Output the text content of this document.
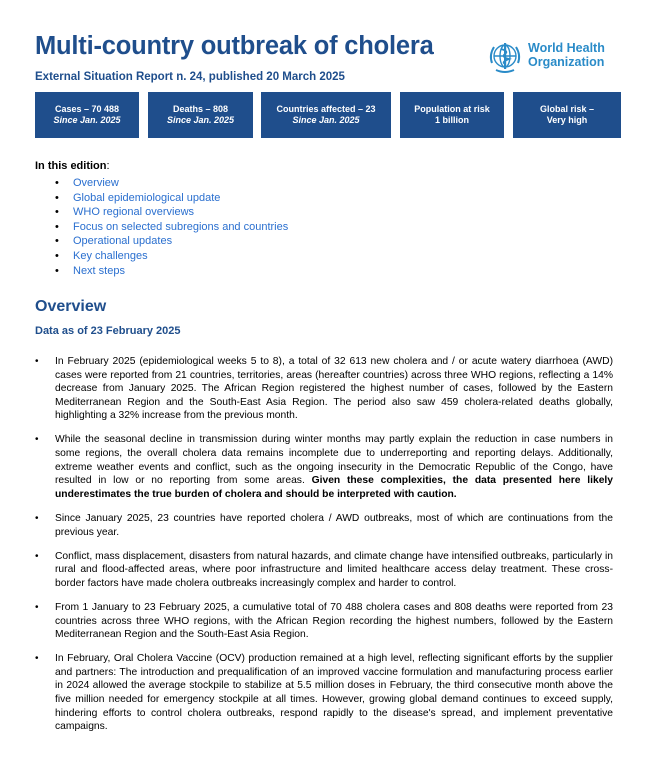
Multi-country outbreak of cholera
External Situation Report n. 24, published 20 March 2025
World Health
Organization
Cases – 70 488
Since Jan. 2025
Deaths – 808
Since Jan. 2025
Countries affected – 23
Since Jan. 2025
Population at risk
1 billion
Global risk –
Very high
In this edition:
• Overview
• Global epidemiological update
• WHO regional overviews
• Focus on selected subregions and countries
• Operational updates
• Key challenges
• Next steps
Overview
Data as of 23 February 2025
• In February 2025 (epidemiological weeks 5 to 8), a total of 32 613 new cholera and / or acute watery diarrhoea (AWD) cases were reported from 21 countries, territories, areas (hereafter countries) across three WHO regions, reflecting a 14% decrease from January 2025. The African Region registered the highest number of cases, followed by the Eastern Mediterranean Region and the South-East Asia Region. The period also saw 459 cholera-related deaths globally, highlighting a 32% increase from the previous month.
• While the seasonal decline in transmission during winter months may partly explain the reduction in case numbers in some regions, the overall cholera data remains incomplete due to underreporting and reporting delays. Additionally, extreme weather events and conflict, such as the ongoing insecurity in the Democratic Republic of the Congo, have resulted in low or no reporting from some areas. Given these complexities, the data presented here likely underestimates the true burden of cholera and should be interpreted with caution.
• Since January 2025, 23 countries have reported cholera / AWD outbreaks, most of which are continuations from the previous year.
• Conflict, mass displacement, disasters from natural hazards, and climate change have intensified outbreaks, particularly in rural and flood-affected areas, where poor infrastructure and limited healthcare access delay treatment. These cross-border factors have made cholera outbreaks increasingly complex and harder to control.
• From 1 January to 23 February 2025, a cumulative total of 70 488 cholera cases and 808 deaths were reported from 23 countries across three WHO regions, with the African Region recording the highest numbers, followed by the Eastern Mediterranean Region and the South-East Asia Region.
• In February, Oral Cholera Vaccine (OCV) production remained at a high level, reflecting significant efforts by the supplier and partners: The introduction and prequalification of an improved vaccine formulation and manufacturing process earlier in 2024 allowed the average stockpile to stabilize at 5.5 million doses in February, the third consecutive month above the five million needed for emergency stockpile at all times. However, growing global demand continues to exceed supply, hindering efforts to control cholera outbreaks, respond rapidly to the disease's spread, and implement preventative campaigns.
